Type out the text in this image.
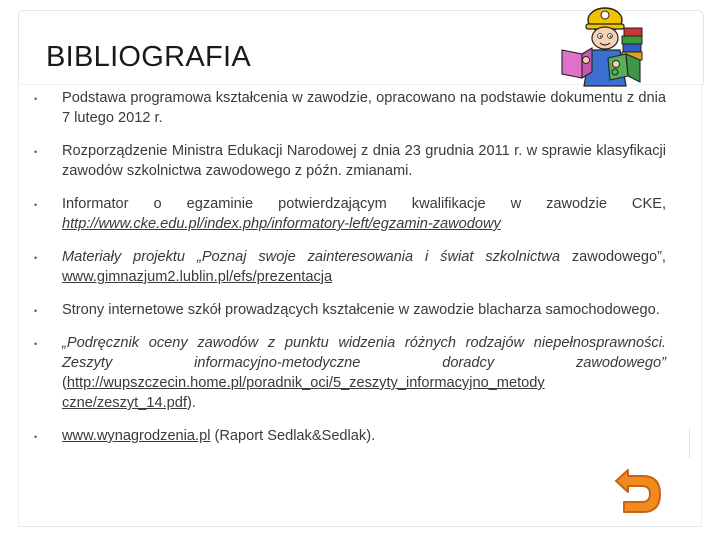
BIBLIOGRAFIA
• Podstawa programowa kształcenia w zawodzie, opracowano na podstawie dokumentu z dnia 7 lutego 2012 r.
• Rozporządzenie Ministra Edukacji Narodowej z dnia 23 grudnia 2011 r. w sprawie klasyfikacji zawodów szkolnictwa zawodowego z późn. zmianami.
• Informator o egzaminie potwierdzającym kwalifikacje w zawodzie CKE, http://www.cke.edu.pl/index.php/informatory-left/egzamin-zawodowy
• Materiały projektu „Poznaj swoje zainteresowania i świat szkolnictwa zawodowego”, www.gimnazjum2.lublin.pl/efs/prezentacja
• Strony internetowe szkół prowadzących kształcenie w zawodzie blacharza samochodowego.
• „Podręcznik oceny zawodów z punktu widzenia różnych rodzajów niepełnosprawności. Zeszyty informacyjno-metodyczne doradcy zawodowego” (http://wupszczecin.home.pl/poradnik_oci/5_zeszyty_informacyjno_metody czne/zeszyt_14.pdf).
• www.wynagrodzenia.pl (Raport Sedlak&Sedlak).
